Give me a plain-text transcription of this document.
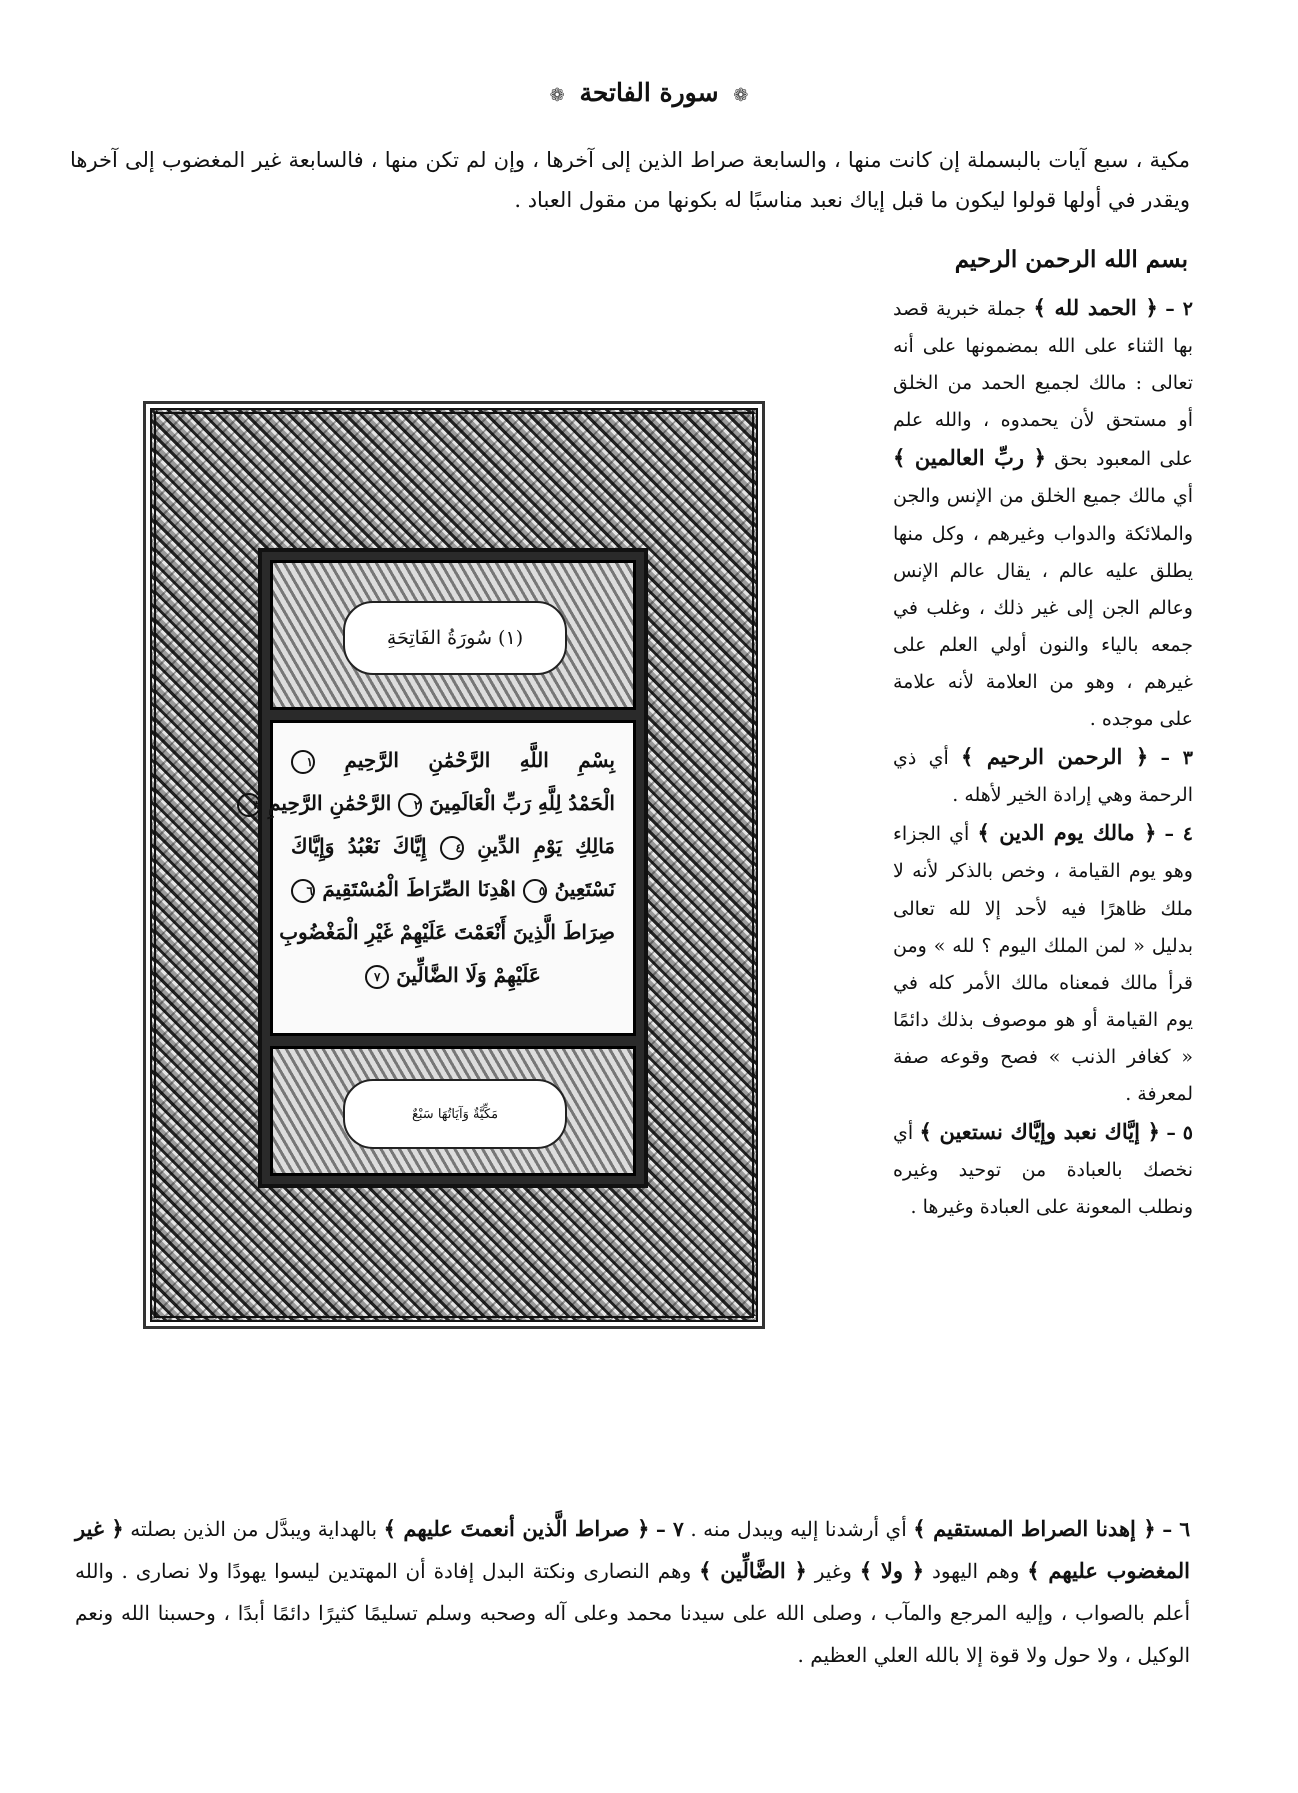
❁ سورة الفاتحة ❁
مكية ، سبع آيات بالبسملة إن كانت منها ، والسابعة صراط الذين إلى آخرها ، وإن لم تكن منها ، فالسابعة غير المغضوب إلى آخرها ويقدر في أولها قولوا ليكون ما قبل إياك نعبد مناسبًا له بكونها من مقول العباد .
بسم الله الرحمن الرحيم

٢ – ﴿ الحمد لله ﴾ جملة خبرية قصد بها الثناء على الله بمضمونها على أنه تعالى : مالك لجميع الحمد من الخلق أو مستحق لأن يحمدوه ، والله علم على المعبود بحق ﴿ ربِّ العالمين ﴾ أي مالك جميع الخلق من الإنس والجن والملائكة والدواب وغيرهم ، وكل منها يطلق عليه عالم ، يقال عالم الإنس وعالم الجن إلى غير ذلك ، وغلب في جمعه بالياء والنون أولي العلم على غيرهم ، وهو من العلامة لأنه علامة على موجده .

٣ – ﴿ الرحمن الرحيم ﴾ أي ذي الرحمة وهي إرادة الخير لأهله .

٤ – ﴿ مالك يوم الدين ﴾ أي الجزاء وهو يوم القيامة ، وخص بالذكر لأنه لا ملك ظاهرًا فيه لأحد إلا لله تعالى بدليل « لمن الملك اليوم ؟ لله » ومن قرأ مالك فمعناه مالك الأمر كله في يوم القيامة أو هو موصوف بذلك دائمًا « كغافر الذنب » فصح وقوعه صفة لمعرفة .

٥ – ﴿ إيَّاك نعبد وإيَّاك نستعين ﴾ أي نخصك بالعبادة من توحيد وغيره ونطلب المعونة على العبادة وغيرها .

(١) سُورَةُ الفَاتِحَةِ
بِسْمِ اللَّهِ الرَّحْمَٰنِ الرَّحِيمِ ١
الْحَمْدُ لِلَّهِ رَبِّ الْعَالَمِينَ ٢ الرَّحْمَٰنِ الرَّحِيمِ ٣
مَالِكِ يَوْمِ الدِّينِ ٤ إِيَّاكَ نَعْبُدُ وَإِيَّاكَ
نَسْتَعِينُ ٥ اهْدِنَا الصِّرَاطَ الْمُسْتَقِيمَ ٦
صِرَاطَ الَّذِينَ أَنْعَمْتَ عَلَيْهِمْ غَيْرِ الْمَغْضُوبِ
عَلَيْهِمْ وَلَا الضَّالِّينَ ٧
مَكِّيَّةٌ وَآيَاتُهَا سَبْعٌ
٦ – ﴿ إهدنا الصراط المستقيم ﴾ أي أرشدنا إليه ويبدل منه . ٧ – ﴿ صراط الَّذين أنعمتَ عليهم ﴾ بالهداية ويبدَّل من الذين بصلته ﴿ غير المغضوب عليهم ﴾ وهم اليهود ﴿ ولا ﴾ وغير ﴿ الضَّالِّين ﴾ وهم النصارى ونكتة البدل إفادة أن المهتدين ليسوا يهودًا ولا نصارى . والله أعلم بالصواب ، وإليه المرجع والمآب ، وصلى الله على سيدنا محمد وعلى آله وصحبه وسلم تسليمًا كثيرًا دائمًا أبدًا ، وحسبنا الله ونعم الوكيل ، ولا حول ولا قوة إلا بالله العلي العظيم .
